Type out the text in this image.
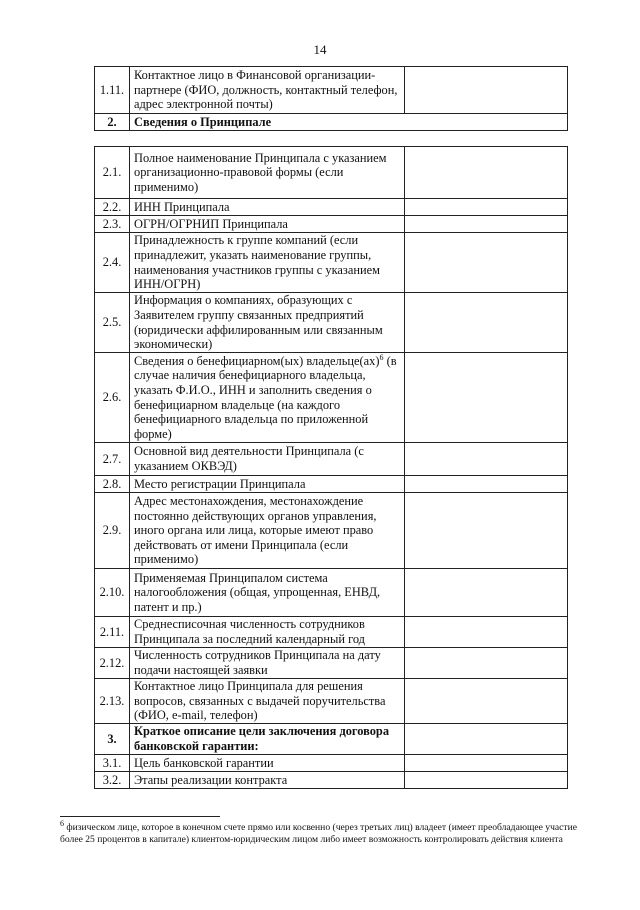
14
1.11.	Контактное лицо в Финансовой организации-партнере (ФИО, должность, контактный телефон, адрес электронной почты)	
2.	Сведения о Принципале	
2.1.	Полное наименование Принципала с указанием организационно-правовой формы (если применимо)	
2.2.	ИНН Принципала	
2.3.	ОГРН/ОГРНИП Принципала	
2.4.	Принадлежность к группе компаний (если принадлежит, указать наименование группы, наименования участников группы с указанием ИНН/ОГРН)	
2.5.	Информация о компаниях, образующих с Заявителем группу связанных предприятий (юридически аффилированным или связанным экономически)	
2.6.	Сведения о бенефициарном(ых) владельце(ах)$^6$ (в случае наличия бенефициарного владельца, указать Ф.И.О., ИНН и заполнить сведения о бенефициарном владельце (на каждого бенефициарного владельца по приложенной форме)	
2.7.	Основной вид деятельности Принципала (с указанием ОКВЭД)	
2.8.	Место регистрации Принципала	
2.9.	Адрес местонахождения, местонахождение постоянно действующих органов управления, иного органа или лица, которые имеют право действовать от имени Принципала (если применимо)	
2.10.	Применяемая Принципалом система налогообложения (общая, упрощенная, ЕНВД, патент и пр.)	
2.11.	Среднесписочная численность сотрудников Принципала за последний календарный год	
2.12.	Численность сотрудников Принципала на дату подачи настоящей заявки	
2.13.	Контактное лицо Принципала для решения вопросов, связанных с выдачей поручительства (ФИО, e-mail, телефон)	
3.	Краткое описание цели заключения договора банковской гарантии:	
3.1.	Цель банковской гарантии	
3.2.	Этапы реализации контракта	
$^6$ физическом лице, которое в конечном счете прямо или косвенно (через третьих лиц) владеет (имеет преобладающее участие более 25 процентов в капитале) клиентом-юридическим лицом либо имеет возможность контролировать действия клиента
